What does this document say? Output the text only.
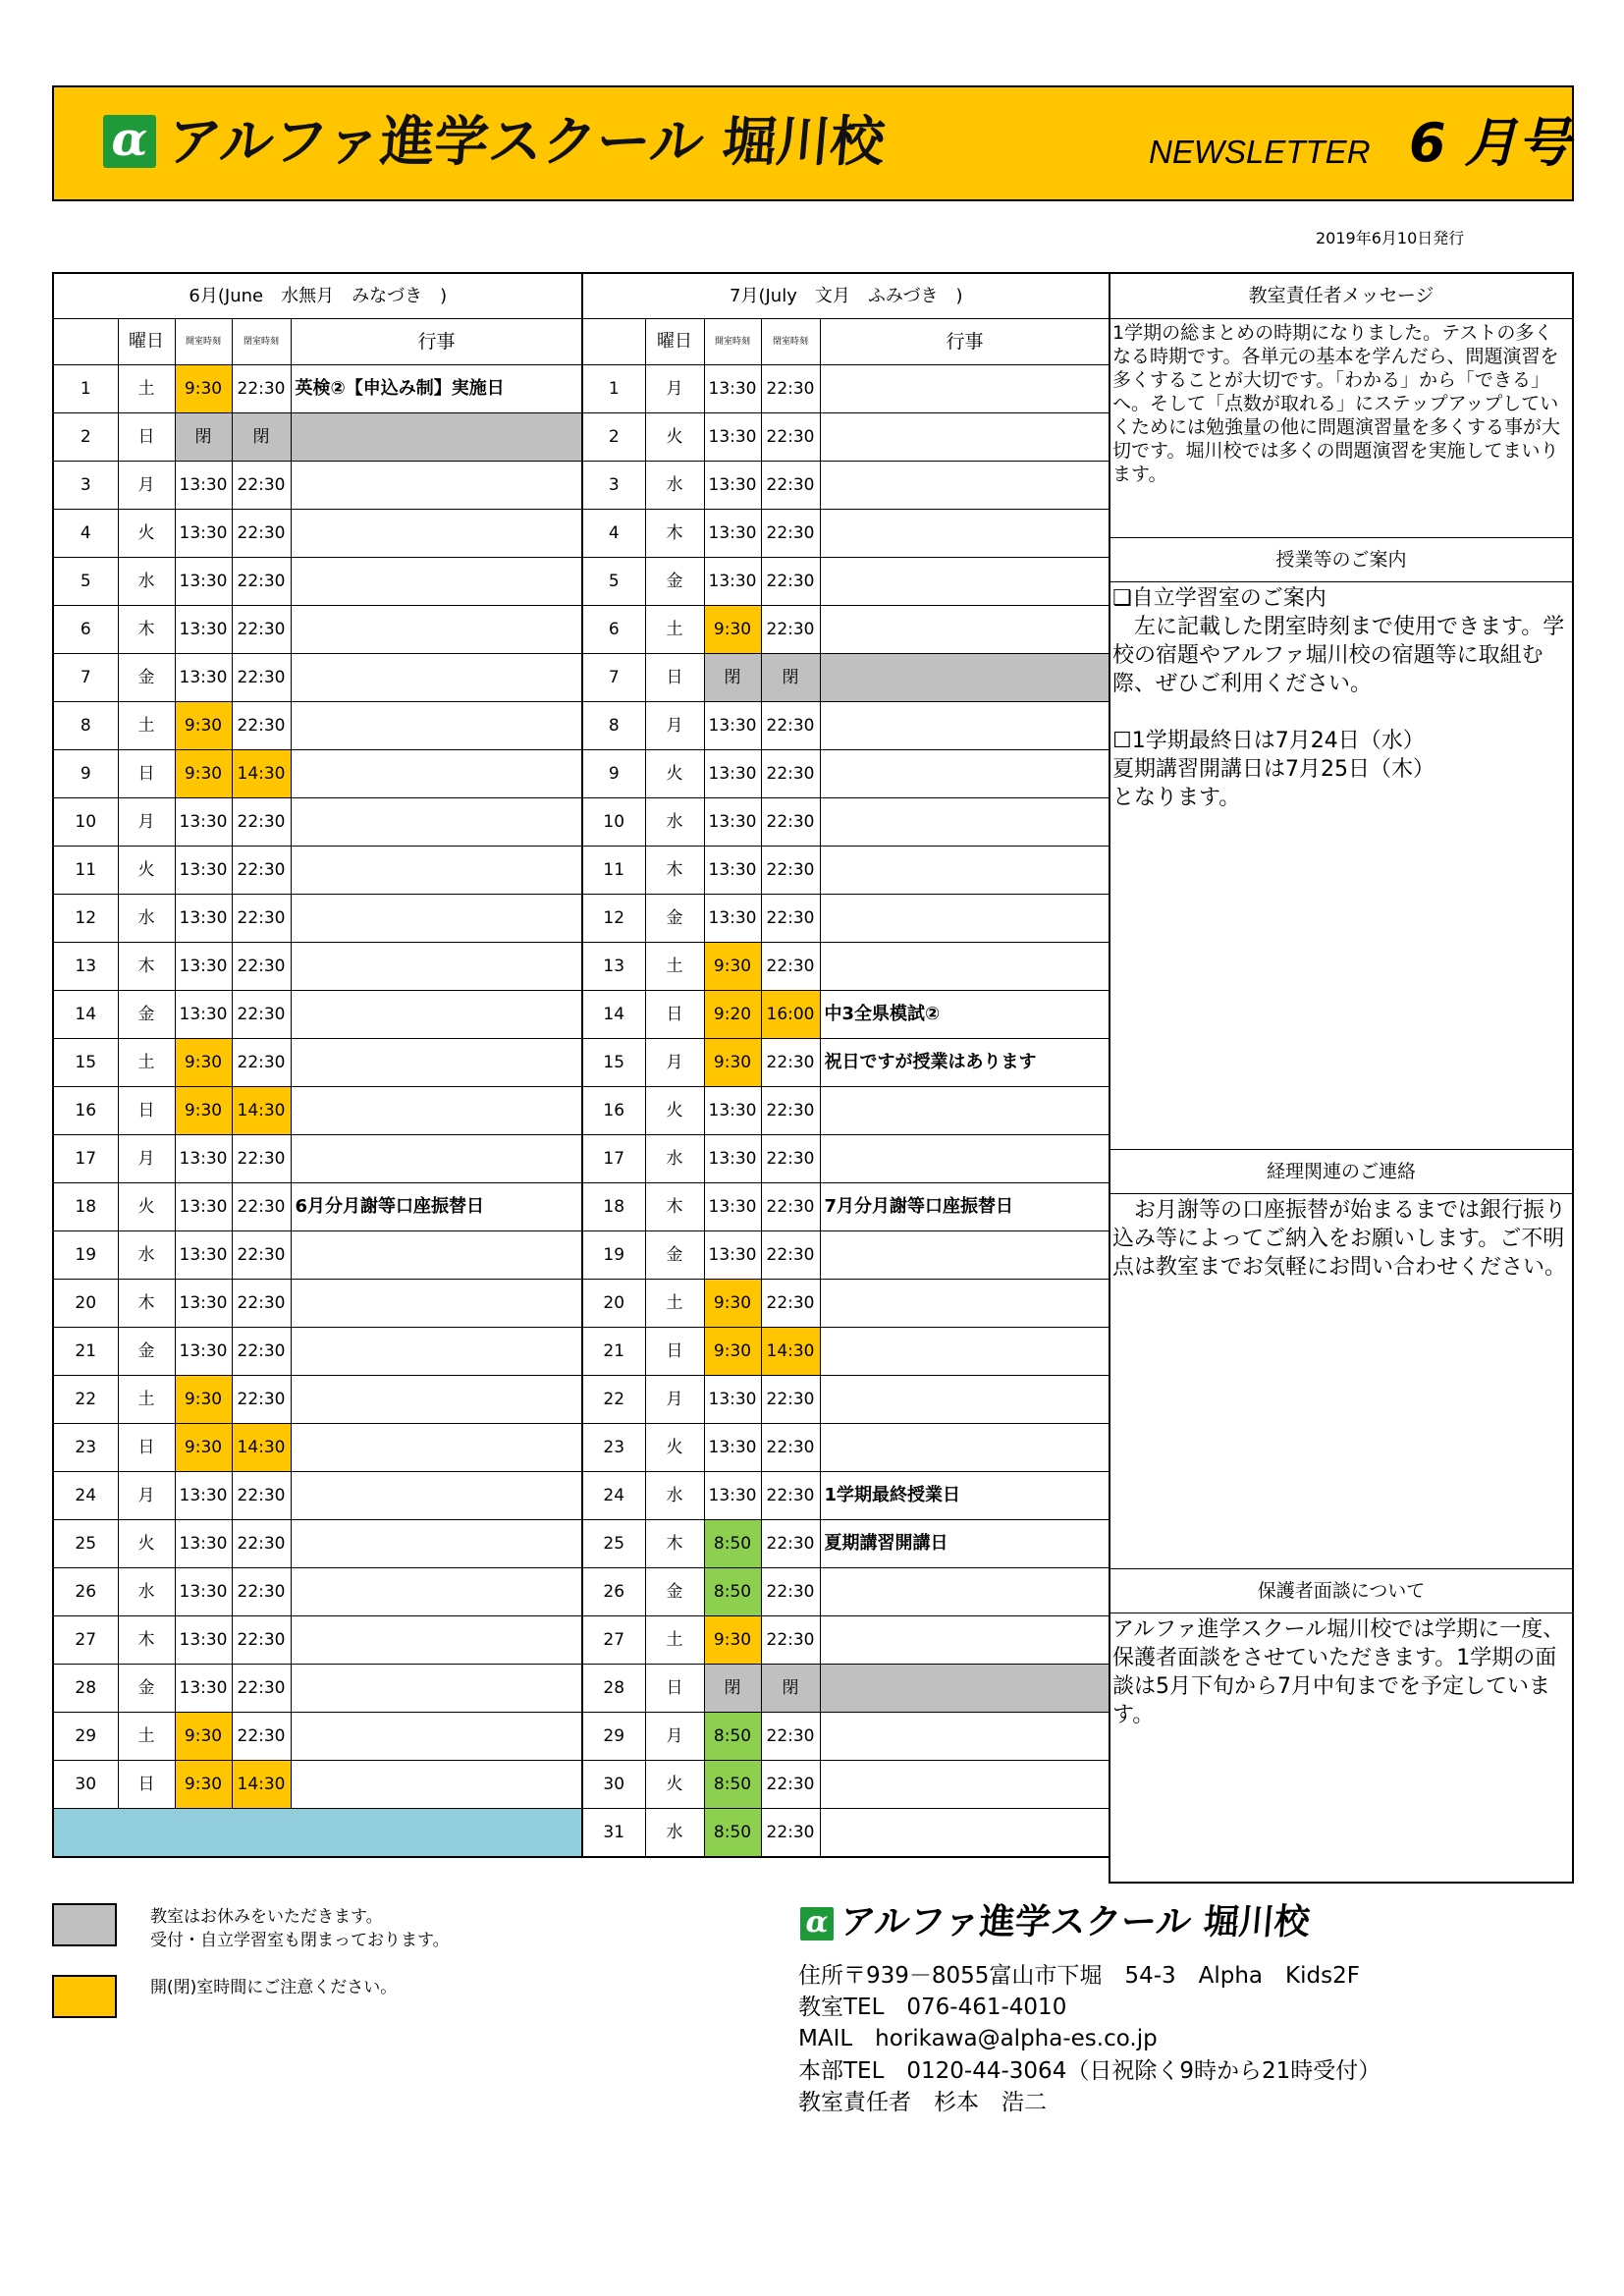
α アルファ進学スクール 堀川校	NEWSLETTER 6 月号
2019年6月10日発行
6月(June　水無月　みなづき　)				
	曜日	開室時刻	閉室時刻	行事
1	土	9:30	22:30	英検②【申込み制】実施日
2	日	閉	閉	
3	月	13:30	22:30	
4	火	13:30	22:30	
5	水	13:30	22:30	
6	木	13:30	22:30	
7	金	13:30	22:30	
8	土	9:30	22:30	
9	日	9:30	14:30	
10	月	13:30	22:30	
11	火	13:30	22:30	
12	水	13:30	22:30	
13	木	13:30	22:30	
14	金	13:30	22:30	
15	土	9:30	22:30	
16	日	9:30	14:30	
17	月	13:30	22:30	
18	火	13:30	22:30	6月分月謝等口座振替日
19	水	13:30	22:30	
20	木	13:30	22:30	
21	金	13:30	22:30	
22	土	9:30	22:30	
23	日	9:30	14:30	
24	月	13:30	22:30	
25	火	13:30	22:30	
26	水	13:30	22:30	
27	木	13:30	22:30	
28	金	13:30	22:30	
29	土	9:30	22:30	
30	日	9:30	14:30	

7月(July　文月　ふみづき　)				
	曜日	開室時刻	閉室時刻	行事
1	月	13:30	22:30	
2	火	13:30	22:30	
3	水	13:30	22:30	
4	木	13:30	22:30	
5	金	13:30	22:30	
6	土	9:30	22:30	
7	日	閉	閉	
8	月	13:30	22:30	
9	火	13:30	22:30	
10	水	13:30	22:30	
11	木	13:30	22:30	
12	金	13:30	22:30	
13	土	9:30	22:30	
14	日	9:20	16:00	中3全県模試②
15	月	9:30	22:30	祝日ですが授業はあります
16	火	13:30	22:30	
17	水	13:30	22:30	
18	木	13:30	22:30	7月分月謝等口座振替日
19	金	13:30	22:30	
20	土	9:30	22:30	
21	日	9:30	14:30	
22	月	13:30	22:30	
23	火	13:30	22:30	
24	水	13:30	22:30	1学期最終授業日
25	木	8:50	22:30	夏期講習開講日
26	金	8:50	22:30	
27	土	9:30	22:30	
28	日	閉	閉	
29	月	8:50	22:30	
30	火	8:50	22:30	
31	水	8:50	22:30	
教室責任者メッセージ
1学期の総まとめの時期になりました。テストの多くなる時期です。各単元の基本を学んだら、問題演習を多くすることが大切です。「わかる」から「できる」へ。そして「点数が取れる」にステップアップしていくためには勉強量の他に問題演習量を多くする事が大切です。堀川校では多くの問題演習を実施してまいります。
授業等のご案内
❑自立学習室のご案内
　左に記載した閉室時刻まで使用できます。学校の宿題やアルファ堀川校の宿題等に取組む際、ぜひご利用ください。

☐1学期最終日は7月24日（水）
夏期講習開講日は7月25日（木）
となります。
経理関連のご連絡
　お月謝等の口座振替が始まるまでは銀行振り込み等によってご納入をお願いします。ご不明点は教室までお気軽にお問い合わせください。
保護者面談について
アルファ進学スクール堀川校では学期に一度、保護者面談をさせていただきます。1学期の面談は5月下旬から7月中旬までを予定しています。
教室はお休みをいただきます。
受付・自立学習室も閉まっております。
開(閉)室時間にご注意ください。
α アルファ進学スクール 堀川校
住所〒939－8055富山市下堀　54-3　Alpha　Kids2F
教室TEL　076-461-4010
MAIL　horikawa@alpha-es.co.jp
本部TEL　0120-44-3064（日祝除く9時から21時受付）
教室責任者　杉本　浩二
